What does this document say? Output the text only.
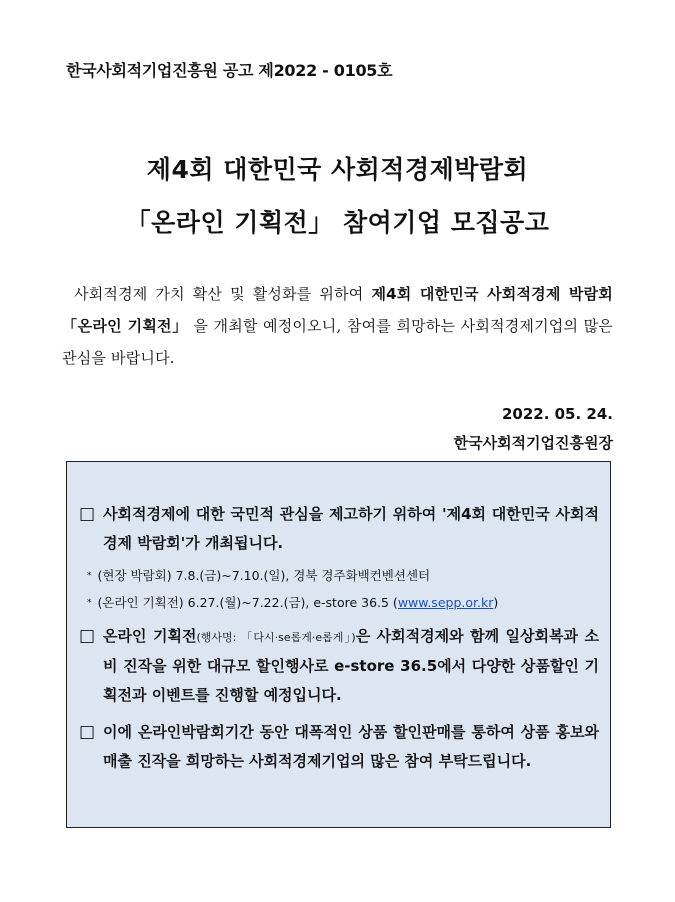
한국사회적기업진흥원 공고 제2022 - 0105호
제4회 대한민국 사회적경제박람회
「온라인 기획전」 참여기업 모집공고
사회적경제 가치 확산 및 활성화를 위하여 제4회 대한민국 사회적경제 박람회 「온라인 기획전」 을 개최할 예정이오니, 참여를 희망하는 사회적경제기업의 많은 관심을 바랍니다.
2022. 05. 24.
한국사회적기업진흥원장
□ 사회적경제에 대한 국민적 관심을 제고하기 위하여 '제4회 대한민국 사회적경제 박람회'가 개최됩니다.
* (현장 박람회) 7.8.(금)~7.10.(일), 경북 경주화백컨벤션센터
* (온라인 기획전) 6.27.(월)~7.22.(금), e-store 36.5 (www.sepp.or.kr)
□ 온라인 기획전(행사명: 「다시·se롭게·e롭게」)은 사회적경제와 함께 일상회복과 소비 진작을 위한 대규모 할인행사로 e-store 36.5에서 다양한 상품할인 기획전과 이벤트를 진행할 예정입니다.
□ 이에 온라인박람회기간 동안 대폭적인 상품 할인판매를 통하여 상품 홍보와 매출 진작을 희망하는 사회적경제기업의 많은 참여 부탁드립니다.
